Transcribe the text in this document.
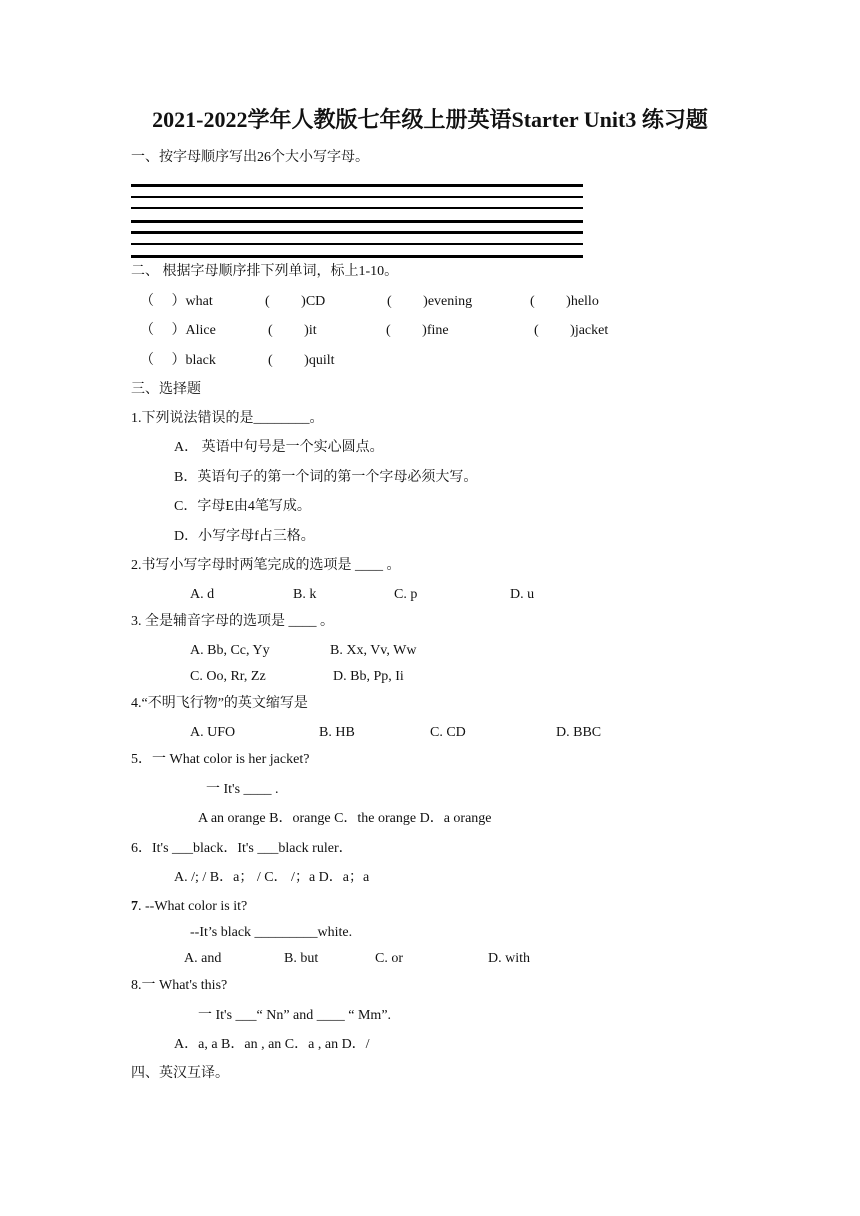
2021-2022学年人教版七年级上册英语Starter Unit3 练习题
一、按字母顺序写出26个大小写字母。
二、 根据字母顺序排下列单词，标上1-10。
（　 ）what	(　　 )CD	(　　 )evening	(　　 )hello
（　 ）Alice	(　　 )it	(　　 )fine	(　　 )jacket
（　 ）black	(　　 )quilt
三、选择题
1.下列说法错误的是________。
A． 英语中句号是一个实心圆点。
B．英语句子的第一个词的第一个字母必须大写。
C．字母E由4笔写成。
D．小写字母f占三格。
2.书写小写字母时两笔完成的选项是 ____ 。
A. d	B. k	C. p	D. u
3. 全是辅音字母的选项是 ____ 。
A. Bb, Cc, Yy	B. Xx, Vv, Ww
C. Oo, Rr, Zz	D. Bb, Pp, Ii
4.“不明飞行物”的英文缩写是
A. UFO	B. HB	C. CD	D. BBC
5．一 What color is her jacket?
一 It's ____ .
A an orange B．orange C．the orange D．a orange
6．It's ___black．It's ___black ruler．
A. /; / B．a； / C． /；a D．a；a
7. --What color is it?
--It’s black _________white.
A. and	B. but	C. or	D. with
8.一 What's this?
一 It's ___“ Nn” and ____ “ Mm”.
A．a, a B．an , an C．a , an D．/
四、英汉互译。
